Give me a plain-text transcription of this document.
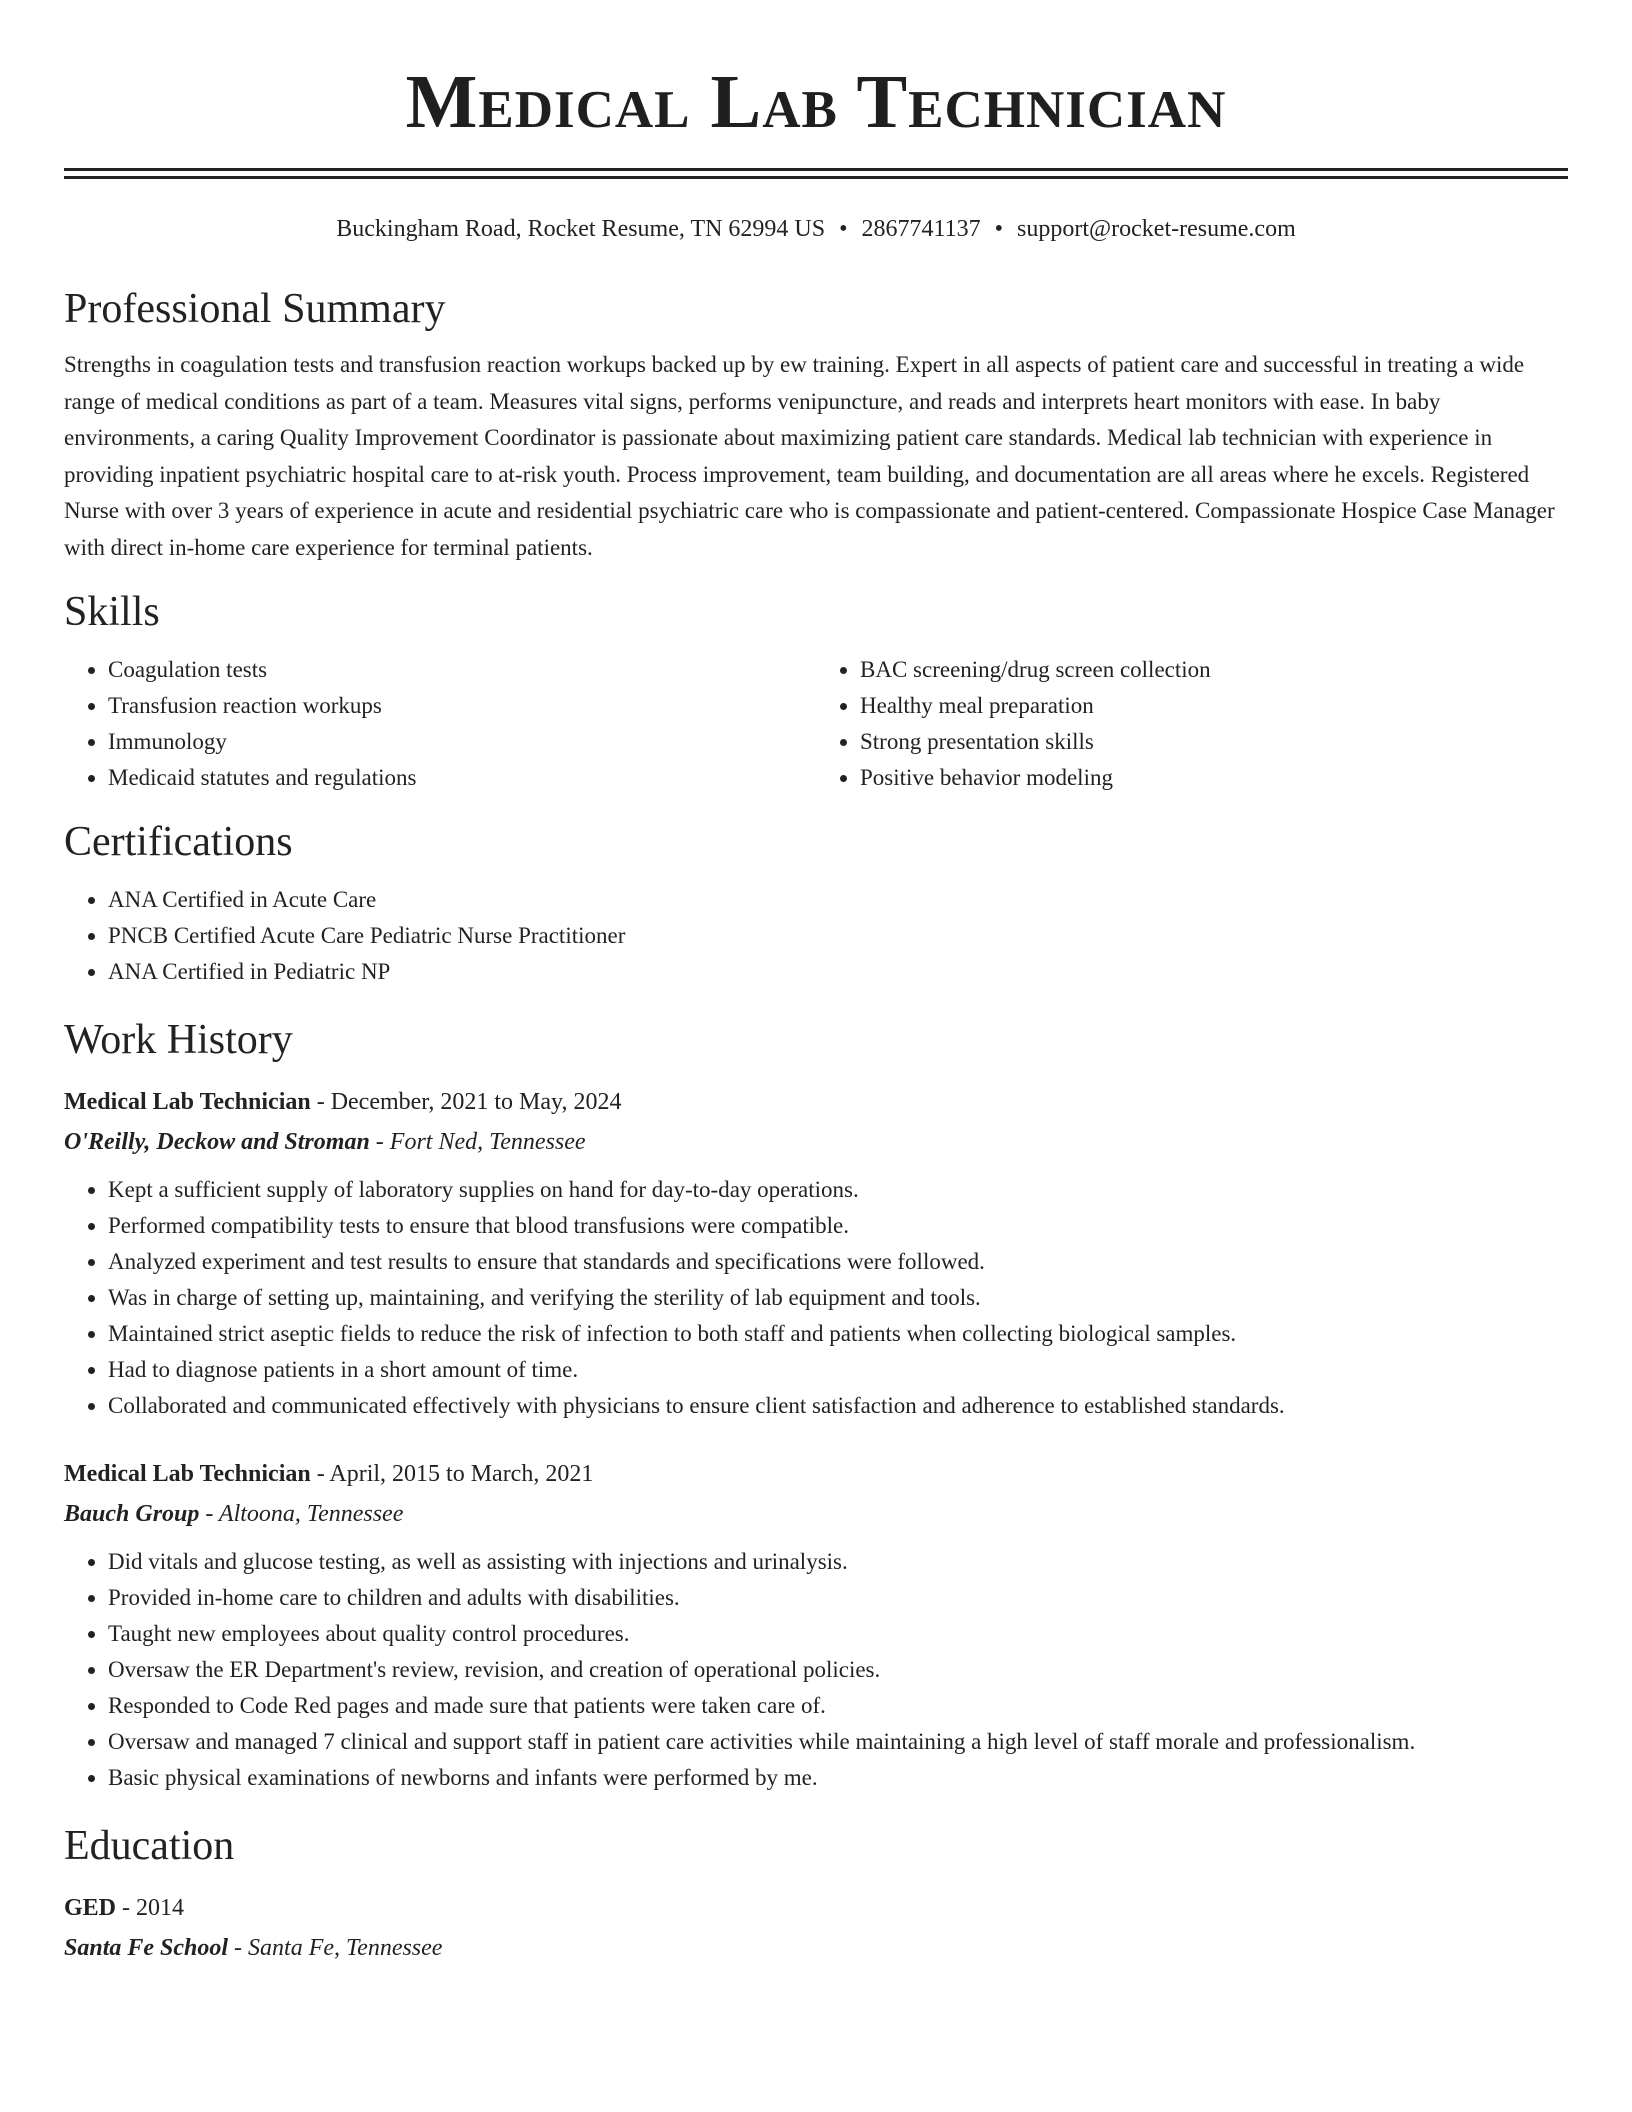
Medical Lab Technician
Buckingham Road, Rocket Resume, TN 62994 US • 2867741137 • support@rocket-resume.com
Professional Summary

Strengths in coagulation tests and transfusion reaction workups backed up by ew training. Expert in all aspects of patient care and successful in treating a wide range of medical conditions as part of a team. Measures vital signs, performs venipuncture, and reads and interprets heart monitors with ease. In baby environments, a caring Quality Improvement Coordinator is passionate about maximizing patient care standards. Medical lab technician with experience in providing inpatient psychiatric hospital care to at-risk youth. Process improvement, team building, and documentation are all areas where he excels. Registered Nurse with over 3 years of experience in acute and residential psychiatric care who is compassionate and patient-centered. Compassionate Hospice Case Manager with direct in-home care experience for terminal patients.

Skills
• Coagulation tests
• Transfusion reaction workups
• Immunology
• Medicaid statutes and regulations
• BAC screening/drug screen collection
• Healthy meal preparation
• Strong presentation skills
• Positive behavior modeling
Certifications
• ANA Certified in Acute Care
• PNCB Certified Acute Care Pediatric Nurse Practitioner
• ANA Certified in Pediatric NP
Work History
Medical Lab Technician - December, 2021 to May, 2024
O'Reilly, Deckow and Stroman - Fort Ned, Tennessee
• Kept a sufficient supply of laboratory supplies on hand for day-to-day operations.
• Performed compatibility tests to ensure that blood transfusions were compatible.
• Analyzed experiment and test results to ensure that standards and specifications were followed.
• Was in charge of setting up, maintaining, and verifying the sterility of lab equipment and tools.
• Maintained strict aseptic fields to reduce the risk of infection to both staff and patients when collecting biological samples.
• Had to diagnose patients in a short amount of time.
• Collaborated and communicated effectively with physicians to ensure client satisfaction and adherence to established standards.
Medical Lab Technician - April, 2015 to March, 2021
Bauch Group - Altoona, Tennessee
• Did vitals and glucose testing, as well as assisting with injections and urinalysis.
• Provided in-home care to children and adults with disabilities.
• Taught new employees about quality control procedures.
• Oversaw the ER Department's review, revision, and creation of operational policies.
• Responded to Code Red pages and made sure that patients were taken care of.
• Oversaw and managed 7 clinical and support staff in patient care activities while maintaining a high level of staff morale and professionalism.
• Basic physical examinations of newborns and infants were performed by me.
Education
GED - 2014
Santa Fe School - Santa Fe, Tennessee
